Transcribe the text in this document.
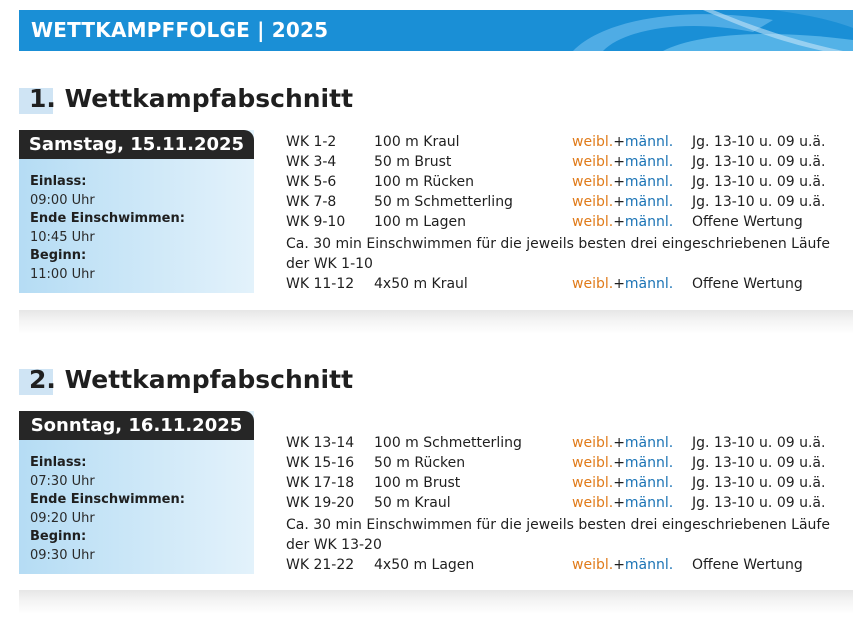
WETTKAMPFFOLGE | 2025
1. Wettkampfabschnitt
Samstag, 15.11.2025
Einlass:
09:00 Uhr
Ende Einschwimmen:
10:45 Uhr
Beginn:
11:00 Uhr
WK 1-2	100 m Kraul	weibl.+männl. Jg. 13-10 u. 09 u.ä.
WK 3-4	50 m Brust	weibl.+männl. Jg. 13-10 u. 09 u.ä.
WK 5-6	100 m Rücken	weibl.+männl. Jg. 13-10 u. 09 u.ä.
WK 7-8	50 m Schmetterling	weibl.+männl. Jg. 13-10 u. 09 u.ä.
WK 9-10 100 m Lagen	weibl.+männl. Offene Wertung
Ca. 30 min Einschwimmen für die jeweils besten drei eingeschriebenen Läufe der WK 1-10
WK 11-12 4x50 m Kraul	weibl.+männl. Offene Wertung
2. Wettkampfabschnitt
Sonntag, 16.11.2025
Einlass:
07:30 Uhr
Ende Einschwimmen:
09:20 Uhr
Beginn:
09:30 Uhr
WK 13-14 100 m Schmetterling	weibl.+männl. Jg. 13-10 u. 09 u.ä.
WK 15-16 50 m Rücken	weibl.+männl. Jg. 13-10 u. 09 u.ä.
WK 17-18 100 m Brust	weibl.+männl. Jg. 13-10 u. 09 u.ä.
WK 19-20 50 m Kraul	weibl.+männl. Jg. 13-10 u. 09 u.ä.
Ca. 30 min Einschwimmen für die jeweils besten drei eingeschriebenen Läufe der WK 13-20
WK 21-22 4x50 m Lagen	weibl.+männl. Offene Wertung
